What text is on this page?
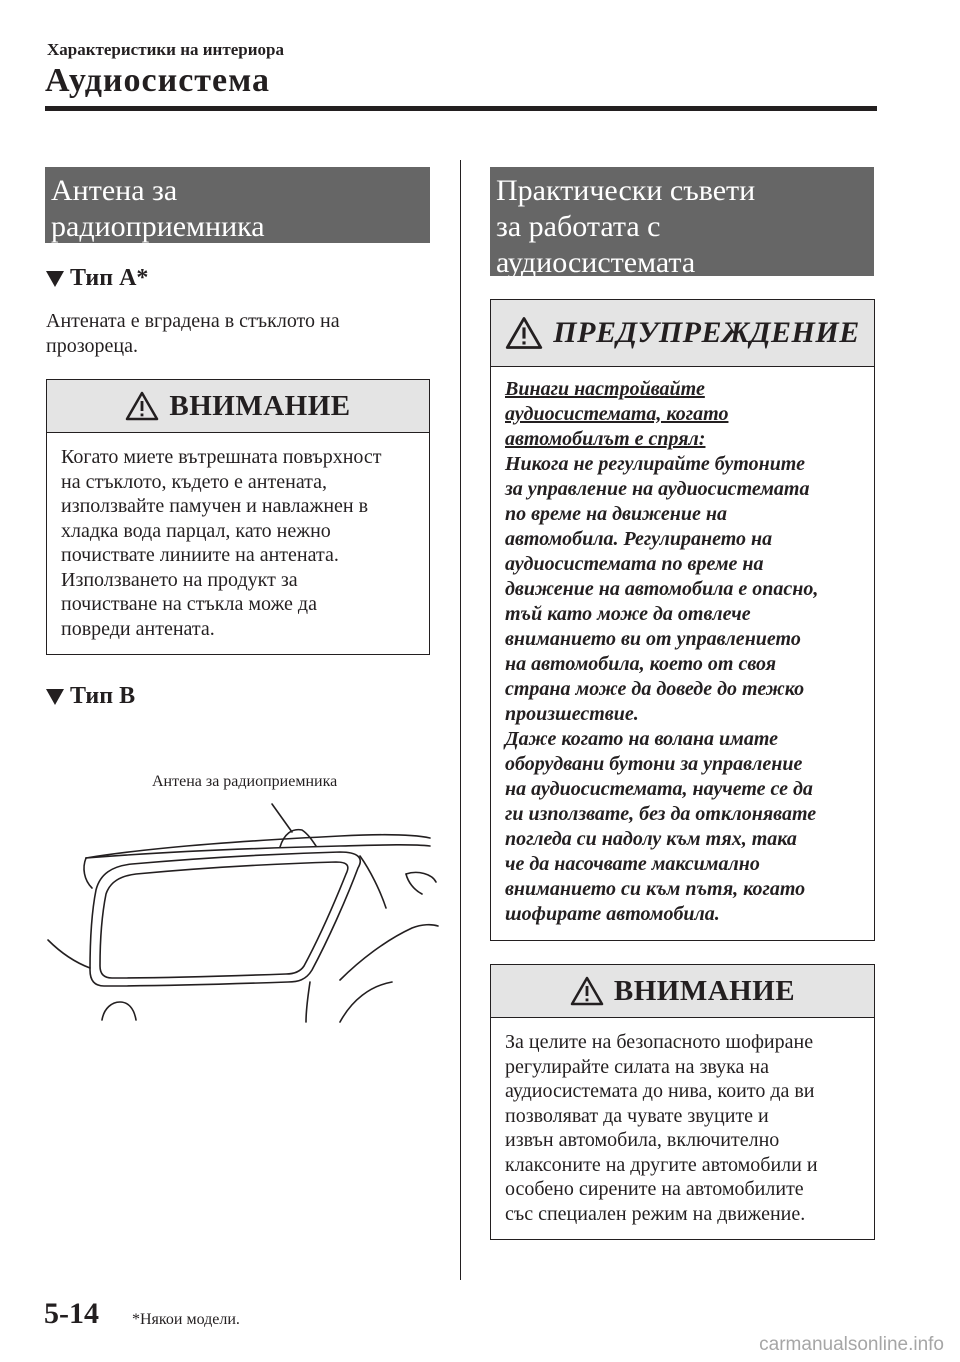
Характеристики на интериора
Аудиосистема
Антена за
радиоприемника
Тип A*
Антената е вградена в стъклото на
прозореца.
ВНИМАНИЕ
Когато миете вътрешната повърхност
на стъклото, където е антената,
използвайте памучен и навлажнен в
хладка вода парцал, като нежно
почиствате линиите на антената.
Използването на продукт за
почистване на стъкла може да
повреди антената.
Тип B
Антена за радиоприемника
Практически съвети
за работата с
аудиосистемата
ПРЕДУПРЕЖДЕНИЕ
Винаги настройвайте
аудиосистемата, когато
автомобилът е спрял:
Никога не регулирайте бутоните
за управление на аудиосистемата
по време на движение на
автомобила. Регулирането на
аудиосистемата по време на
движение на автомобила е опасно,
тъй като може да отвлече
вниманието ви от управлението
на автомобила, което от своя
страна може да доведе до тежко
произшествие.
Даже когато на волана имате
оборудвани бутони за управление
на аудиосистемата, научете се да
ги използвате, без да отклонявате
погледа си надолу към тях, така
че да насочвате максимално
вниманието си към пътя, когато
шофирате автомобила.
ВНИМАНИЕ
За целите на безопасното шофиране
регулирайте силата на звука на
аудиосистемата до нива, които да ви
позволяват да чувате звуците и
извън автомобила, включително
клаксоните на другите автомобили и
особено сирените на автомобилите
със специален режим на движение.
5-14 *Някои модели.
carmanualsonline.info
